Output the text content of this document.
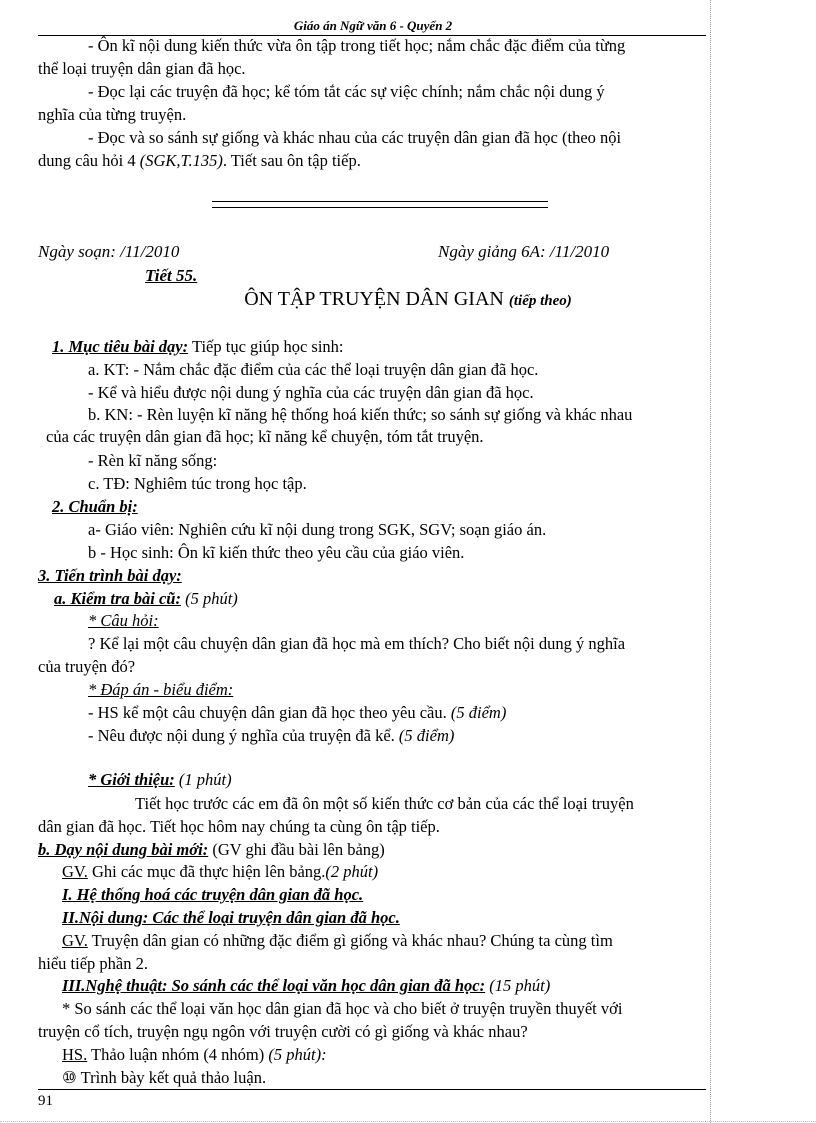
Giáo án Ngữ văn 6 - Quyển 2
- Ôn kĩ nội dung kiến thức vừa ôn tập trong tiết học; nắm chắc đặc điểm của từng
thể loại truyện dân gian đã học.
- Đọc lại các truyện đã học; kể tóm tắt các sự việc chính; nắm chắc nội dung ý
nghĩa của từng truyện.
- Đọc và so sánh sự giống và khác nhau của các truyện dân gian đã học (theo nội
dung câu hỏi 4 (SGK,T.135). Tiết sau ôn tập tiếp.
Ngày soạn: /11/2010	Ngày giảng 6A: /11/2010
Tiết 55.
ÔN TẬP TRUYỆN DÂN GIAN (tiếp theo)
1. Mục tiêu bài dạy: Tiếp tục giúp học sinh:
a. KT: - Nắm chắc đặc điểm của các thể loại truyện dân gian đã học.
- Kể và hiểu được nội dung ý nghĩa của các truyện dân gian đã học.
b. KN: - Rèn luyện kĩ năng hệ thống hoá kiến thức; so sánh sự giống và khác nhau
của các truyện dân gian đã học; kĩ năng kể chuyện, tóm tắt truyện.
- Rèn kĩ năng sống:
c. TĐ: Nghiêm túc trong học tập.
2. Chuẩn bị:
a- Giáo viên: Nghiên cứu kĩ nội dung trong SGK, SGV; soạn giáo án.
b - Học sinh: Ôn kĩ kiến thức theo yêu cầu của giáo viên.
3. Tiến trình bài dạy:
a. Kiểm tra bài cũ: (5 phút)
* Câu hỏi:
? Kể lại một câu chuyện dân gian đã học mà em thích? Cho biết nội dung ý nghĩa
của truyện đó?
* Đáp án - biểu điểm:
- HS kể một câu chuyện dân gian đã học theo yêu cầu. (5 điểm)
- Nêu được nội dung ý nghĩa của truyện đã kể. (5 điểm)
* Giới thiệu: (1 phút)
Tiết học trước các em đã ôn một số kiến thức cơ bản của các thể loại truyện
dân gian đã học. Tiết học hôm nay chúng ta cùng ôn tập tiếp.
b. Dạy nội dung bài mới: (GV ghi đầu bài lên bảng)
GV. Ghi các mục đã thực hiện lên bảng.(2 phút)
I. Hệ thống hoá các truyện dân gian đã học.
II.Nội dung: Các thể loại truyện dân gian đã học.
GV. Truyện dân gian có những đặc điểm gì giống và khác nhau? Chúng ta cùng tìm
hiểu tiếp phần 2.
III.Nghệ thuật: So sánh các thể loại văn học dân gian đã học: (15 phút)
* So sánh các thể loại văn học dân gian đã học và cho biết ở truyện truyền thuyết với
truyện cổ tích, truyện ngụ ngôn với truyện cười có gì giống và khác nhau?
HS. Thảo luận nhóm (4 nhóm) (5 phút):
⑩ Trình bày kết quả thảo luận.
91
